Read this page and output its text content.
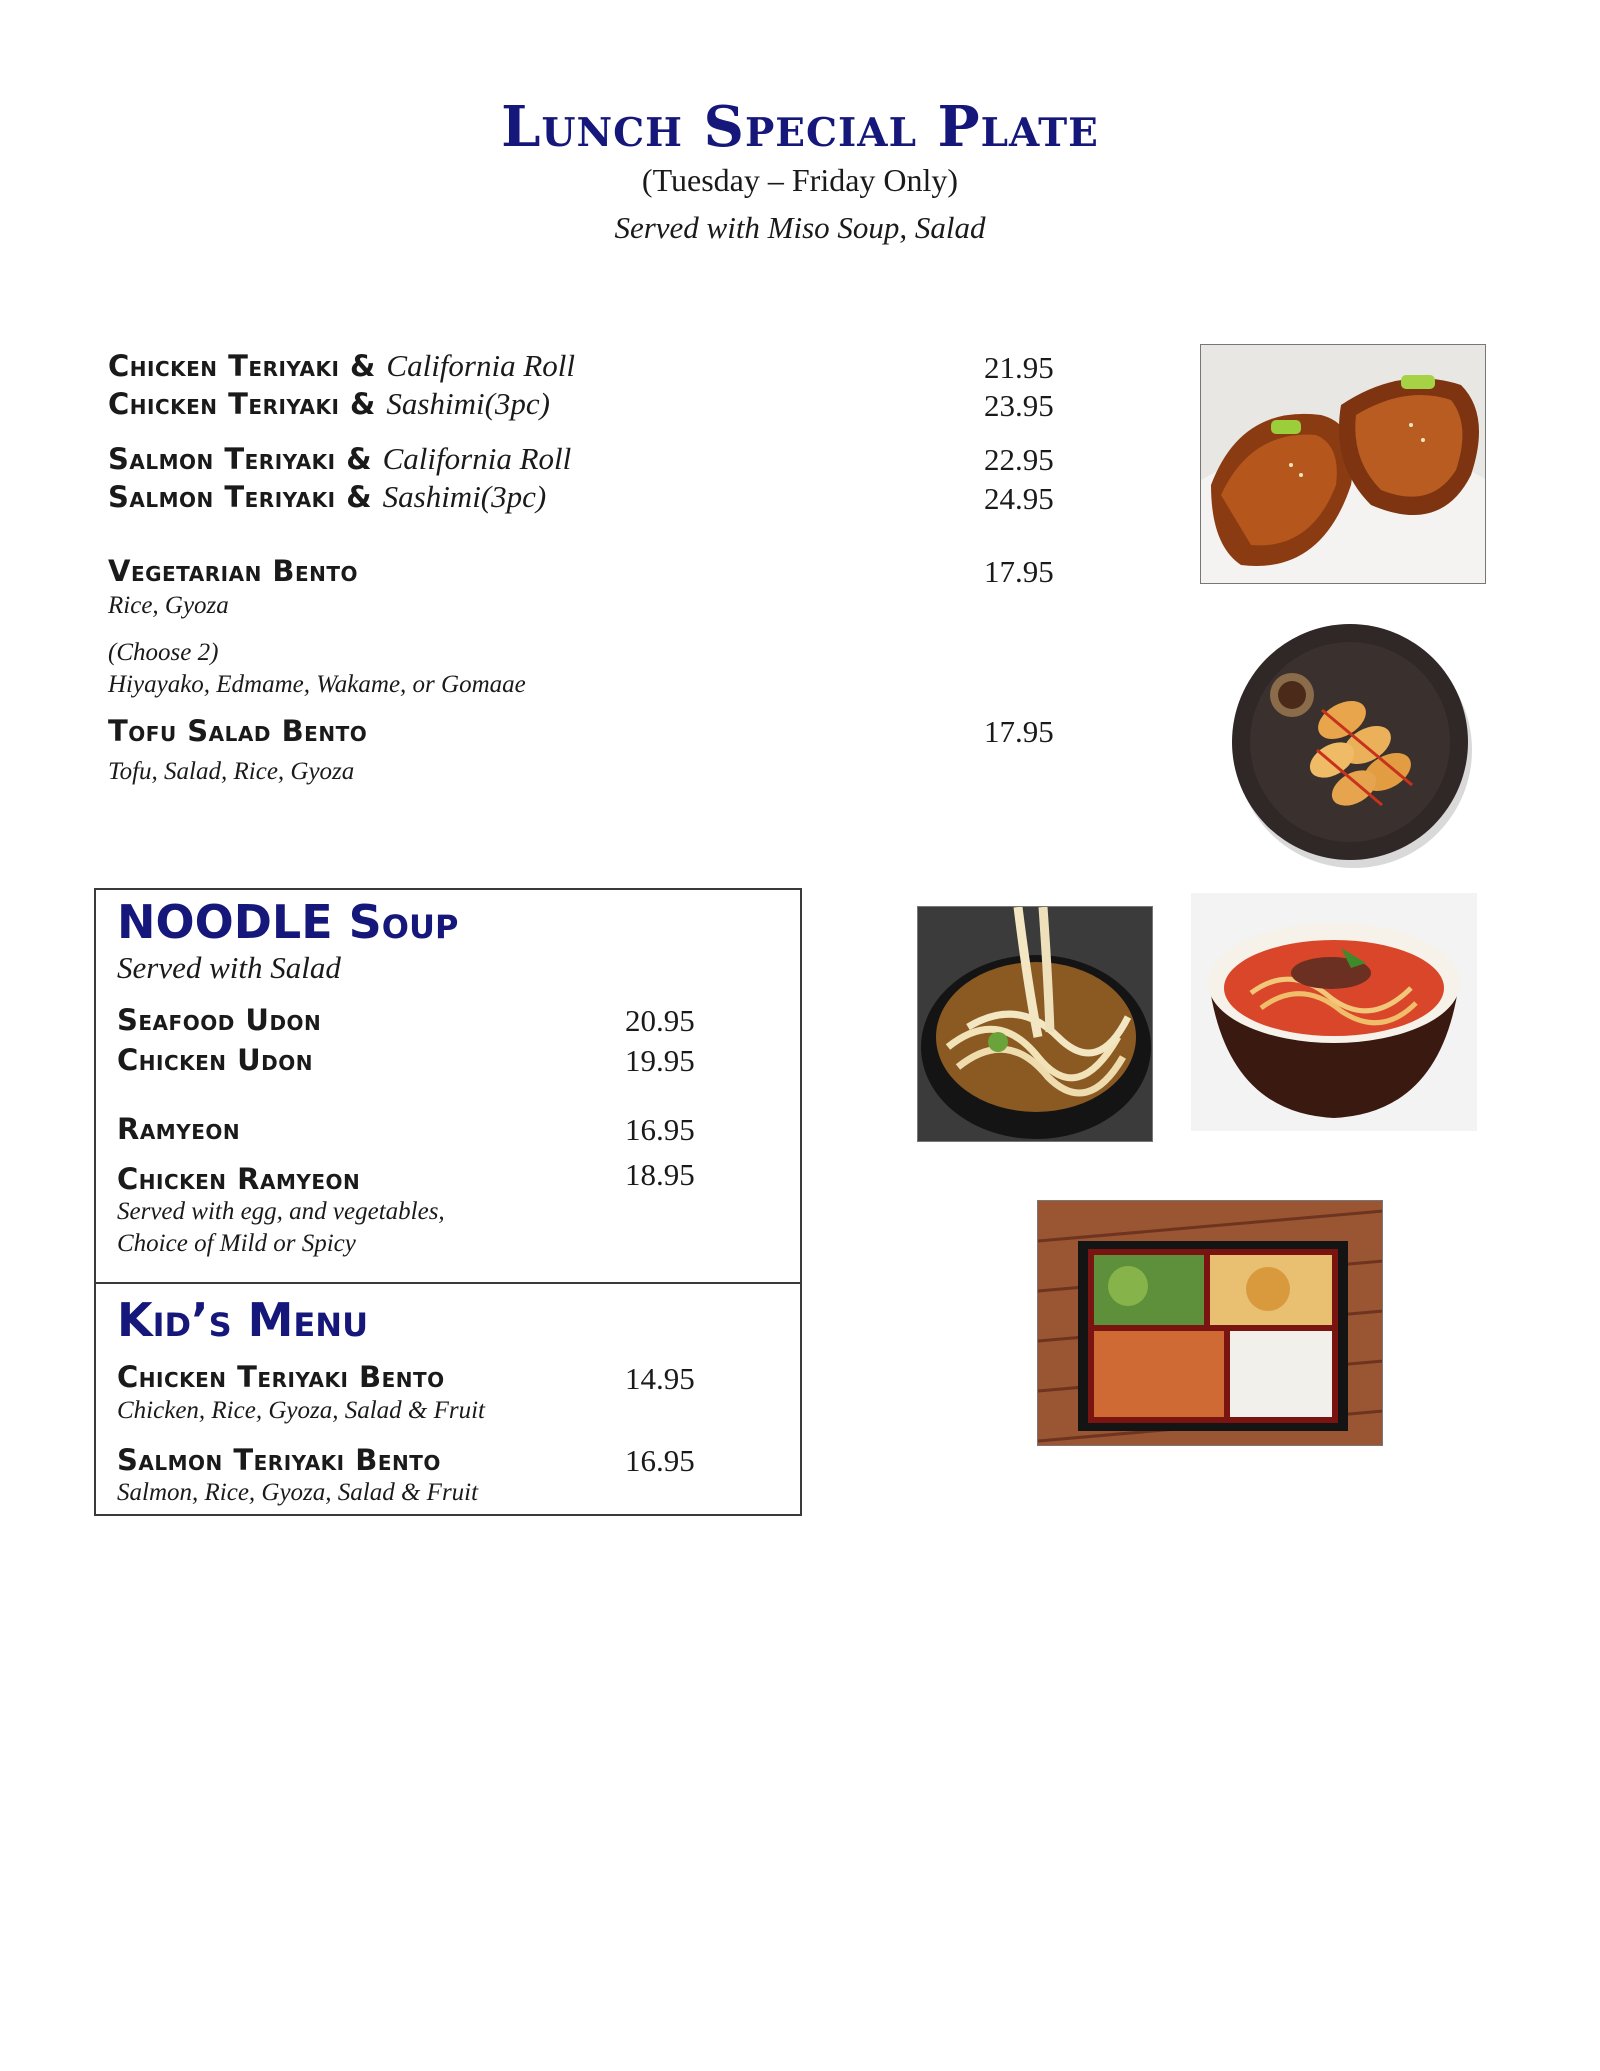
Lunch Special Plate
(Tuesday – Friday Only)
Served with Miso Soup, Salad
Chicken Teriyaki & California Roll	21.95
Chicken Teriyaki & Sashimi(3pc)	23.95
Salmon Teriyaki & California Roll	22.95
Salmon Teriyaki & Sashimi(3pc)	24.95
Vegetarian Bento	17.95
Rice, Gyoza
(Choose 2)
Hiyayako, Edmame, Wakame, or Gomaae
Tofu Salad Bento	17.95
Tofu, Salad, Rice, Gyoza
NOODLE Soup
Served with Salad
Seafood Udon	20.95
Chicken Udon	19.95
Ramyeon	16.95
Chicken Ramyeon	18.95
Served with egg, and vegetables,
Choice of Mild or Spicy
Kid’s Menu
Chicken Teriyaki Bento	14.95
Chicken, Rice, Gyoza, Salad & Fruit
Salmon Teriyaki Bento	16.95
Salmon, Rice, Gyoza, Salad & Fruit
